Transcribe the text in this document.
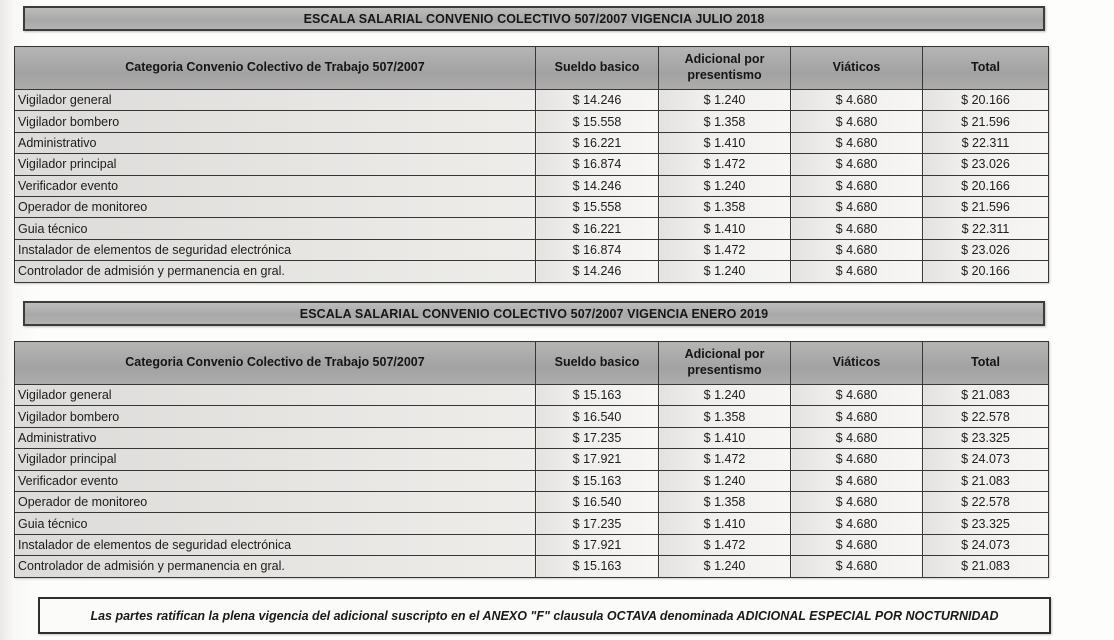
ESCALA SALARIAL CONVENIO COLECTIVO 507/2007 VIGENCIA JULIO 2018
Categoria Convenio Colectivo de Trabajo 507/2007	Sueldo basico	Adicional por presentismo	Viáticos	Total
Vigilador general	$ 14.246	$ 1.240	$ 4.680	$ 20.166
Vigilador bombero	$ 15.558	$ 1.358	$ 4.680	$ 21.596
Administrativo	$ 16.221	$ 1.410	$ 4.680	$ 22.311
Vigilador principal	$ 16.874	$ 1.472	$ 4.680	$ 23.026
Verificador evento	$ 14.246	$ 1.240	$ 4.680	$ 20.166
Operador de monitoreo	$ 15.558	$ 1.358	$ 4.680	$ 21.596
Guia técnico	$ 16.221	$ 1.410	$ 4.680	$ 22.311
Instalador de elementos de seguridad electrónica	$ 16.874	$ 1.472	$ 4.680	$ 23.026
Controlador de admisión y permanencia en gral.	$ 14.246	$ 1.240	$ 4.680	$ 20.166
ESCALA SALARIAL CONVENIO COLECTIVO 507/2007 VIGENCIA ENERO 2019
Categoria Convenio Colectivo de Trabajo 507/2007	Sueldo basico	Adicional por presentismo	Viáticos	Total
Vigilador general	$ 15.163	$ 1.240	$ 4.680	$ 21.083
Vigilador bombero	$ 16.540	$ 1.358	$ 4.680	$ 22.578
Administrativo	$ 17.235	$ 1.410	$ 4.680	$ 23.325
Vigilador principal	$ 17.921	$ 1.472	$ 4.680	$ 24.073
Verificador evento	$ 15.163	$ 1.240	$ 4.680	$ 21.083
Operador de monitoreo	$ 16.540	$ 1.358	$ 4.680	$ 22.578
Guia técnico	$ 17.235	$ 1.410	$ 4.680	$ 23.325
Instalador de elementos de seguridad electrónica	$ 17.921	$ 1.472	$ 4.680	$ 24.073
Controlador de admisión y permanencia en gral.	$ 15.163	$ 1.240	$ 4.680	$ 21.083
Las partes ratifican la plena vigencia del adicional suscripto en el ANEXO "F" clausula OCTAVA denominada ADICIONAL ESPECIAL POR NOCTURNIDAD
